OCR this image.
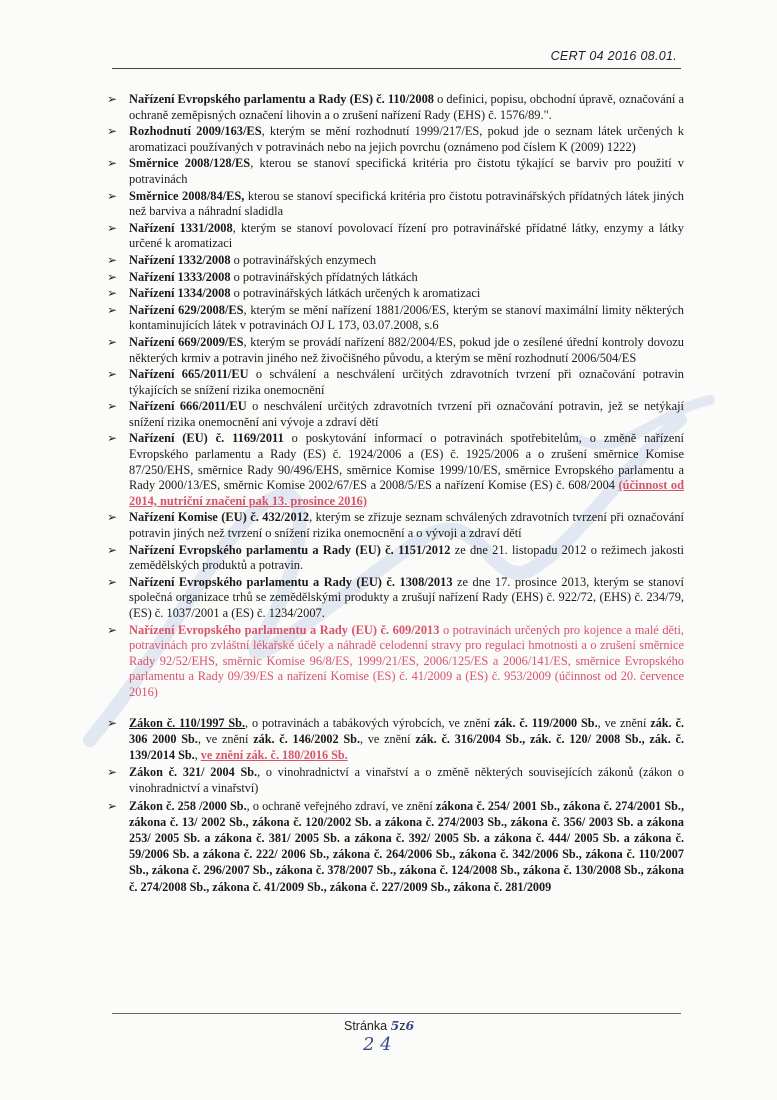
CERT 04 2016 08.01.
➢ Nařízení Evropského parlamentu a Rady (ES) č. 110/2008 o definici, popisu, obchodní úpravě, označování a ochraně zeměpisných označení lihovin a o zrušení nařízení Rady (EHS) č. 1576/89.".
➢ Rozhodnutí 2009/163/ES, kterým se mění rozhodnutí 1999/217/ES, pokud jde o seznam látek určených k aromatizaci používaných v potravinách nebo na jejich povrchu (oznámeno pod číslem K (2009) 1222)
➢ Směrnice 2008/128/ES, kterou se stanoví specifická kritéria pro čistotu týkající se barviv pro použití v potravinách
➢ Směrnice 2008/84/ES, kterou se stanoví specifická kritéria pro čistotu potravinářských přídatných látek jiných než barviva a náhradní sladidla
➢ Nařízení 1331/2008, kterým se stanoví povolovací řízení pro potravinářské přídatné látky, enzymy a látky určené k aromatizaci
➢ Nařízení 1332/2008 o potravinářských enzymech
➢ Nařízení 1333/2008 o potravinářských přídatných látkách
➢ Nařízení 1334/2008 o potravinářských látkách určených k aromatizaci
➢ Nařízení 629/2008/ES, kterým se mění nařízení 1881/2006/ES, kterým se stanoví maximální limity některých kontaminujících látek v potravinách OJ L 173, 03.07.2008, s.6
➢ Nařízení 669/2009/ES, kterým se provádí nařízení 882/2004/ES, pokud jde o zesílené úřední kontroly dovozu některých krmiv a potravin jiného než živočišného původu, a kterým se mění rozhodnutí 2006/504/ES
➢ Nařízení 665/2011/EU o schválení a neschválení určitých zdravotních tvrzení při označování potravin týkajících se snížení rizika onemocnění
➢ Nařízení 666/2011/EU o neschválení určitých zdravotních tvrzení při označování potravin, jež se netýkají snížení rizika onemocnění ani vývoje a zdraví dětí
➢ Nařízení (EU) č. 1169/2011 o poskytování informací o potravinách spotřebitelům, o změně nařízení Evropského parlamentu a Rady (ES) č. 1924/2006 a (ES) č. 1925/2006 a o zrušení směrnice Komise 87/250/EHS, směrnice Rady 90/496/EHS, směrnice Komise 1999/10/ES, směrnice Evropského parlamentu a Rady 2000/13/ES, směrnic Komise 2002/67/ES a 2008/5/ES a nařízení Komise (ES) č. 608/2004 (účinnost od 2014, nutriční značení pak 13. prosince 2016)
➢ Nařízení Komise (EU) č. 432/2012, kterým se zřizuje seznam schválených zdravotních tvrzení při označování potravin jiných než tvrzení o snížení rizika onemocnění a o vývoji a zdraví dětí
➢ Nařízení Evropského parlamentu a Rady (EU) č. 1151/2012 ze dne 21. listopadu 2012 o režimech jakosti zemědělských produktů a potravin.
➢ Nařízení Evropského parlamentu a Rady (EU) č. 1308/2013 ze dne 17. prosince 2013, kterým se stanoví společná organizace trhů se zemědělskými produkty a zrušují nařízení Rady (EHS) č. 922/72, (EHS) č. 234/79, (ES) č. 1037/2001 a (ES) č. 1234/2007.
➢ Nařízení Evropského parlamentu a Rady (EU) č. 609/2013 o potravinách určených pro kojence a malé děti, potravinách pro zvláštní lékařské účely a náhradě celodenní stravy pro regulaci hmotnosti a o zrušení směrnice Rady 92/52/EHS, směrnic Komise 96/8/ES, 1999/21/ES, 2006/125/ES a 2006/141/ES, směrnice Evropského parlamentu a Rady 09/39/ES a nařízení Komise (ES) č. 41/2009 a (ES) č. 953/2009 (účinnost od 20. července 2016)
➢ Zákon č. 110/1997 Sb., o potravinách a tabákových výrobcích, ve znění zák. č. 119/2000 Sb., ve znění zák. č. 306 2000 Sb., ve znění zák. č. 146/2002 Sb., ve znění zák. č. 316/2004 Sb., zák. č. 120/ 2008 Sb., zák. č. 139/2014 Sb., ve znění zák. č. 180/2016 Sb.
➢ Zákon č. 321/ 2004 Sb., o vinohradnictví a vinařství a o změně některých souvisejících zákonů (zákon o vinohradnictví a vinařství)
➢ Zákon č. 258 /2000 Sb., o ochraně veřejného zdraví, ve znění zákona č. 254/ 2001 Sb., zákona č. 274/2001 Sb., zákona č. 13/ 2002 Sb., zákona č. 120/2002 Sb. a zákona č. 274/2003 Sb., zákona č. 356/ 2003 Sb. a zákona 253/ 2005 Sb. a zákona č. 381/ 2005 Sb. a zákona č. 392/ 2005 Sb. a zákona č. 444/ 2005 Sb. a zákona č. 59/2006 Sb. a zákona č. 222/ 2006 Sb., zákona č. 264/2006 Sb., zákona č. 342/2006 Sb., zákona č. 110/2007 Sb., zákona č. 296/2007 Sb., zákona č. 378/2007 Sb., zákona č. 124/2008 Sb., zákona č. 130/2008 Sb., zákona č. 274/2008 Sb., zákona č. 41/2009 Sb., zákona č. 227/2009 Sb., zákona č. 281/2009
Stránka 5z6
2 4
